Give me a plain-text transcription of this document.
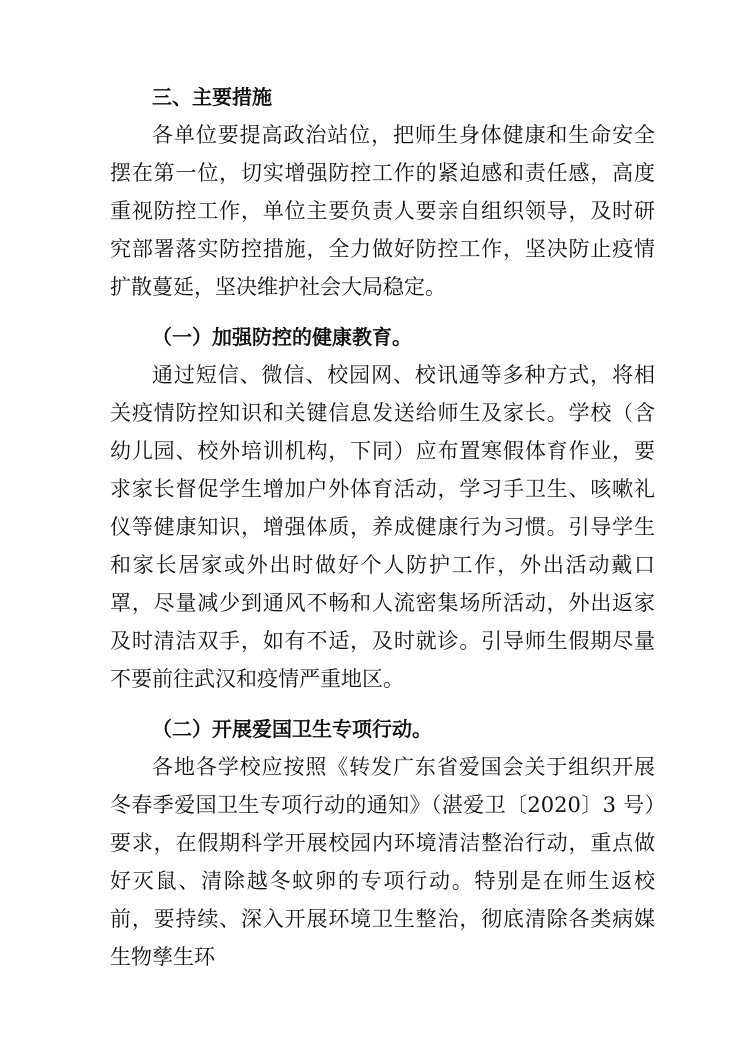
三、主要措施

各单位要提高政治站位，把师生身体健康和生命安全摆在第一位，切实增强防控工作的紧迫感和责任感，高度重视防控工作，单位主要负责人要亲自组织领导，及时研究部署落实防控措施，全力做好防控工作，坚决防止疫情扩散蔓延，坚决维护社会大局稳定。

（一）加强防控的健康教育。

通过短信、微信、校园网、校讯通等多种方式，将相关疫情防控知识和关键信息发送给师生及家长。学校（含幼儿园、校外培训机构，下同）应布置寒假体育作业，要求家长督促学生增加户外体育活动，学习手卫生、咳嗽礼仪等健康知识，增强体质，养成健康行为习惯。引导学生和家长居家或外出时做好个人防护工作，外出活动戴口罩，尽量减少到通风不畅和人流密集场所活动，外出返家及时清洁双手，如有不适，及时就诊。引导师生假期尽量不要前往武汉和疫情严重地区。

（二）开展爱国卫生专项行动。

各地各学校应按照《转发广东省爱国会关于组织开展冬春季爱国卫生专项行动的通知》（湛爱卫〔2020〕3 号）要求，在假期科学开展校园内环境清洁整治行动，重点做好灭鼠、清除越冬蚊卵的专项行动。特别是在师生返校前，要持续、深入开展环境卫生整治，彻底清除各类病媒生物孳生环
